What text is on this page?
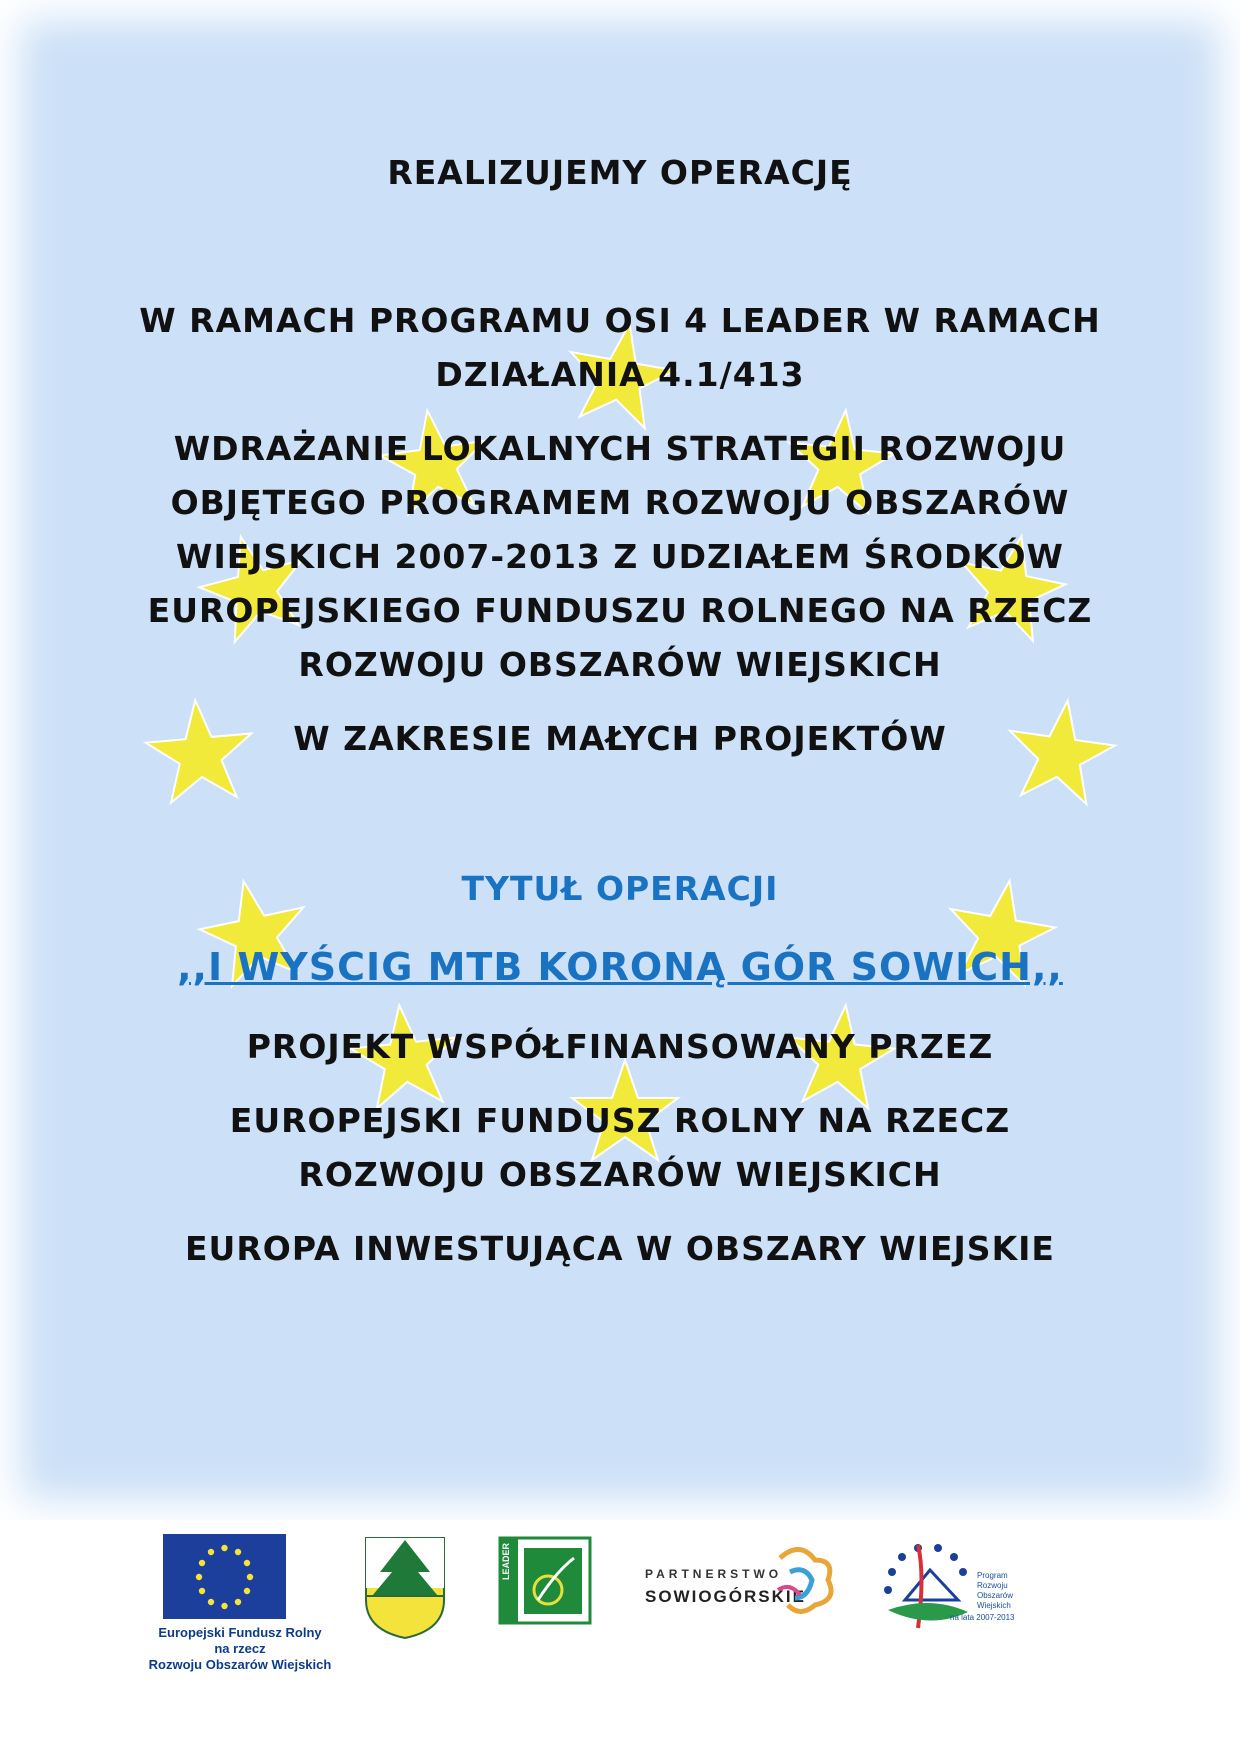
REALIZUJEMY OPERACJĘ
W RAMACH PROGRAMU OSI 4 LEADER W RAMACH
DZIAŁANIA 4.1/413
WDRAŻANIE LOKALNYCH STRATEGII ROZWOJU
OBJĘTEGO PROGRAMEM ROZWOJU OBSZARÓW
WIEJSKICH 2007-2013 Z UDZIAŁEM ŚRODKÓW
EUROPEJSKIEGO FUNDUSZU ROLNEGO NA RZECZ
ROZWOJU OBSZARÓW WIEJSKICH
W ZAKRESIE MAŁYCH PROJEKTÓW
TYTUŁ OPERACJI
,,I WYŚCIG MTB KORONĄ GÓR SOWICH,,
PROJEKT WSPÓŁFINANSOWANY PRZEZ
EUROPEJSKI FUNDUSZ ROLNY NA RZECZ
ROZWOJU OBSZARÓW WIEJSKICH
EUROPA INWESTUJĄCA W OBSZARY WIEJSKIE
LEADER	PARTNERSTWO
SOWIOGÓRSKIE
Program
Rozwoju
Obszarów
Wiejskich
na lata 2007-2013
Europejski Fundusz Rolny
na rzecz
Rozwoju Obszarów Wiejskich
